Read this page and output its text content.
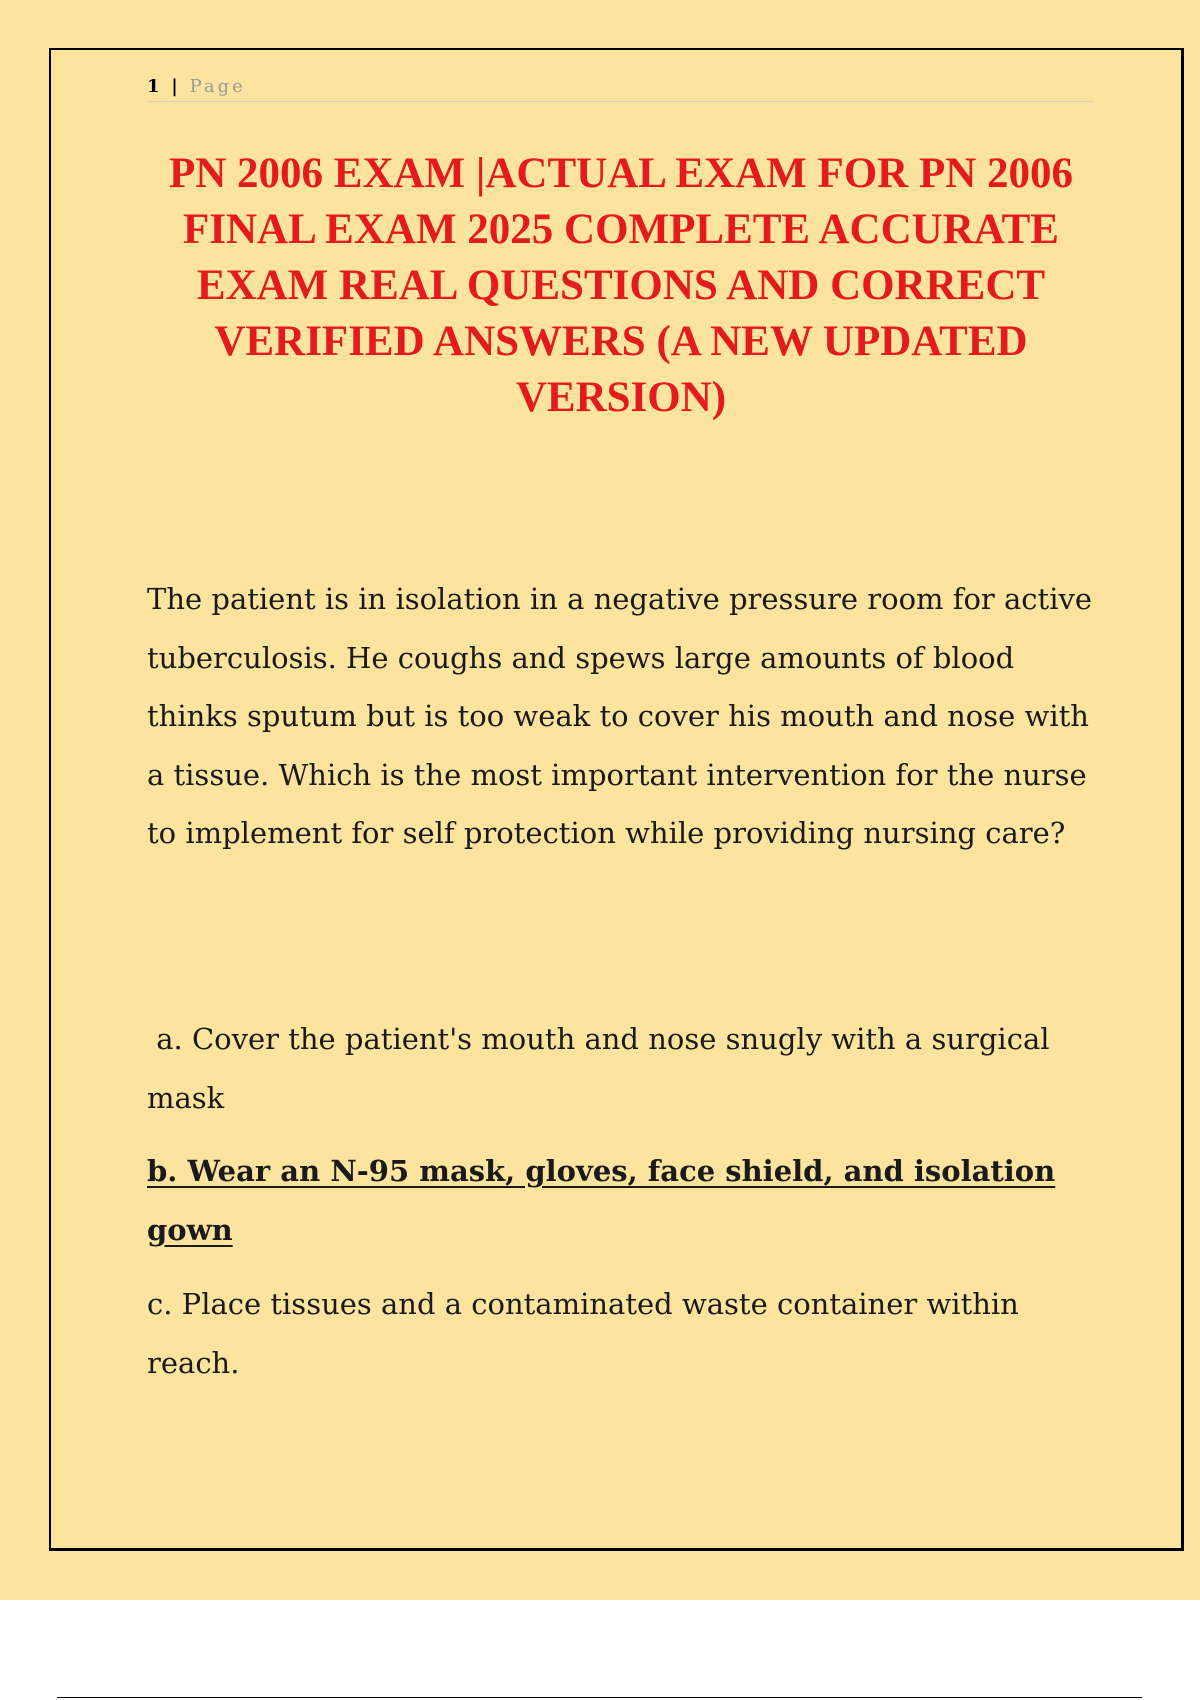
1 | Page
PN 2006 EXAM |ACTUAL EXAM FOR PN 2006 FINAL EXAM 2025 COMPLETE ACCURATE EXAM REAL QUESTIONS AND CORRECT VERIFIED ANSWERS (A NEW UPDATED VERSION)

The patient is in isolation in a negative pressure room for active tuberculosis. He coughs and spews large amounts of blood thinks sputum but is too weak to cover his mouth and nose with a tissue. Which is the most important intervention for the nurse to implement for self protection while providing nursing care?

a. Cover the patient's mouth and nose snugly with a surgical mask

b. Wear an N-95 mask, gloves, face shield, and isolation gown

c. Place tissues and a contaminated waste container within reach.
